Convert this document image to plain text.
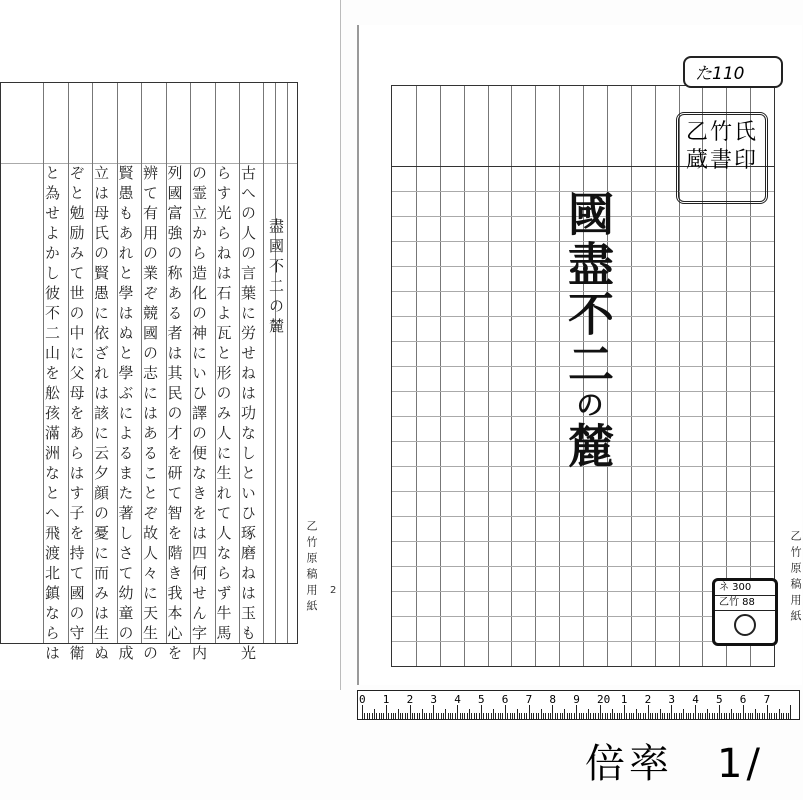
古への人の言葉に労せねは功なしといひ琢磨ねは玉も光
らす光らねは石よ瓦と形のみ人に生れて人ならず牛馬
の霊立から造化の神にいひ譯の便なきをは四何せん字内
列國富強の称ある者は其民の才を研て智を階き我本心を
辨て有用の業ぞ競國の志にはあることぞ故人々に天生の
賢愚もあれと學はぬと學ぶによるまた著しさて幼童の成
立は母氏の賢愚に依ざれは該に云夕顔の憂に而みは生ぬ
ぞと勉励みて世の中に父母をあらはす子を持て國の守衛
と為せよかし彼不二山を舩孩滿洲なとへ飛渡北鎮ならは	盡國不二の麓
乙竹原稿用紙 2	乙竹原稿用紙
國盡不二の麓
た110
乙竹氏蔵書印
ネ 300
乙竹 88
0 1 2 3 4 5 6 7 8 9 20 1 2 3 4 5 6 7
倍率　1/
